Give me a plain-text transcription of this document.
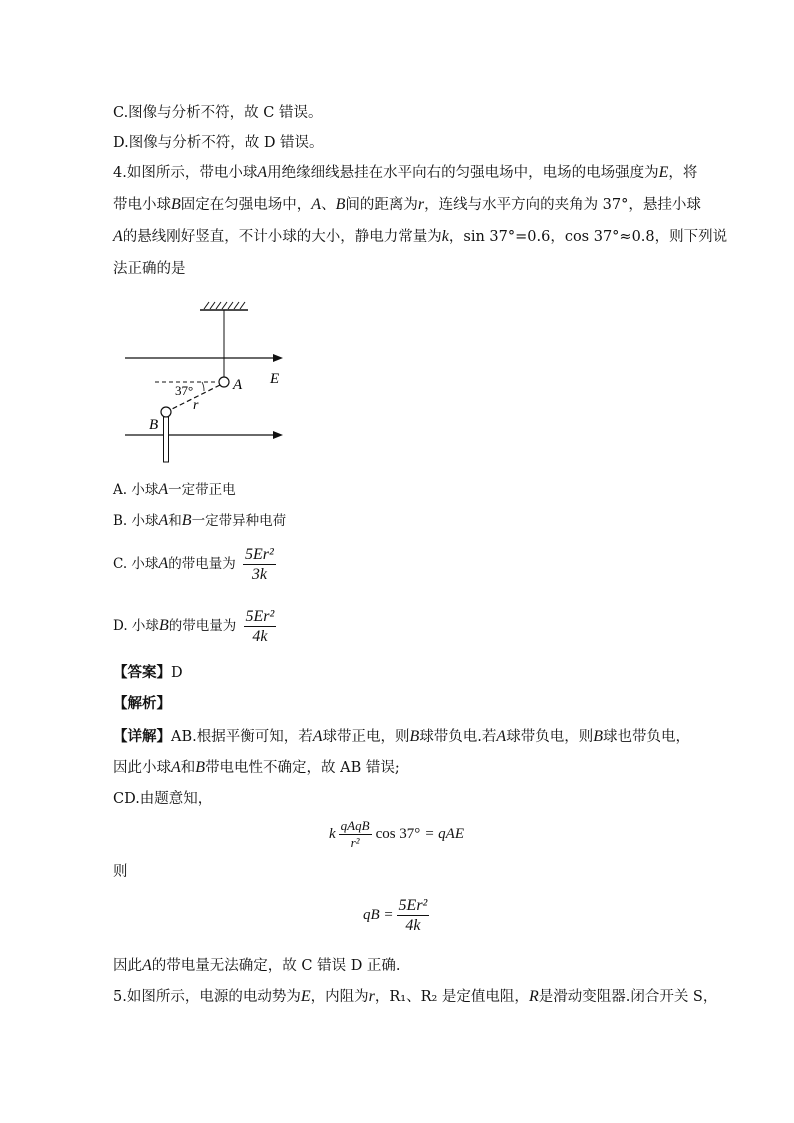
C.图像与分析不符，故 C 错误。
D.图像与分析不符，故 D 错误。
4.如图所示，带电小球A用绝缘细线悬挂在水平向右的匀强电场中，电场的电场强度为E，将
带电小球B固定在匀强电场中，A、B间的距离为r，连线与水平方向的夹角为 37°，悬挂小球
A的悬线刚好竖直，不计小球的大小，静电力常量为k，sin 37°=0.6，cos 37°≈0.8，则下列说
法正确的是
E
37°
r
A
B
A. 小球A一定带正电
B. 小球A和B一定带异种电荷
C. 小球A的带电量为 $\frac{\text{5Er²}}{3k}$
D. 小球B的带电量为 $\frac{\text{5Er²}}{4k}$
【答案】D
【解析】
【详解】AB.根据平衡可知，若A球带正电，则B球带负电.若A球带负电，则B球也带负电，
因此小球A和B带电电性不确定，故 AB 错误;
CD.由题意知，
k $\frac{\text{qAqB}}{\text{r²}}$ cos 37° = qAE
则
qB = $\frac{\text{5Er²}}{4k}$
因此A的带电量无法确定，故 C 错误 D 正确.
5.如图所示，电源的电动势为E，内阻为r，R₁、R₂ 是定值电阻，R是滑动变阻器.闭合开关 S，
